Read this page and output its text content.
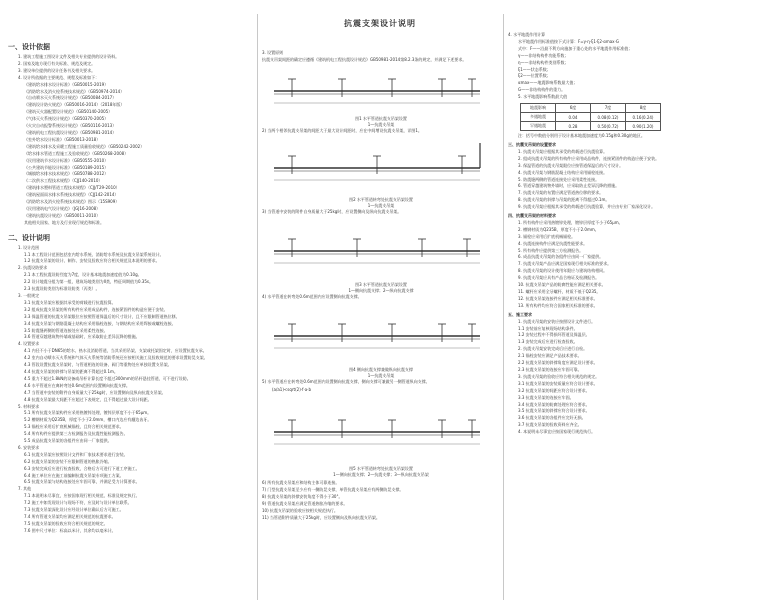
抗震支架设计说明
一、设计依据
1. 建筑工程施工图设计文件及相关专业提供的设计资料。
2. 国家及地方现行有关标准、规范及规定。
3. 建设单位提供的设计任务书及相关要求。
4. 设计所依据的主要规范、规程及标准如下：
《建筑给水排水设计标准》（GB50015-2019）
《消防给水及消火栓系统技术规范》（GB50974-2014）
《自动喷水灭火系统设计规范》（GB50084-2017）
《建筑设计防火规范》（GB50016-2014）（2018年版）
《建筑灭火器配置设计规范》（GB50140-2005）
《气体灭火系统设计规范》（GB50370-2005）
《火灾自动报警系统设计规范》（GB50116-2013）
《建筑机电工程抗震设计规范》（GB50981-2014）
《室外给水设计标准》（GB50013-2018）
《建筑给水排水及采暖工程施工质量验收规范》（GB50242-2002）
《给水排水管道工程施工及验收规范》（GB50268-2008）
《民用建筑节水设计标准》（GB50555-2010）
《公共建筑节能设计标准》（GB50189-2015）
《城镇给水排水技术规范》（GB50788-2012）
《二次供水工程技术规程》（CJJ140-2010）
《建筑排水塑料管道工程技术规程》（CJJ/T29-2010）
《建筑屋面雨水排水系统技术规程》（CJJ142-2014）
《消防给水及消火栓系统技术规范》图示（15S909）
《民用建筑电气设计规范》（JGJ16-2008）
《建筑抗震设计规范》（GB50011-2010）
其他相关国家、地方及行业现行规范和标准。
二、设计说明
1. 设计范围
1.1 本工程设计范围包括室内给水系统、消防给水系统及抗震支吊架系统设计。
1.2 抗震支吊架的设计、制作、安装及验收应符合相关规范及本说明的要求。
2. 抗震设防要求
2.1 本工程抗震设防烈度为7度，设计基本地震加速度值为0.10g。
2.2 设计地震分组为第一组，建筑场地类别为II类，特征周期值为0.35s。
2.3 抗震设防类别为标准设防类（丙类）。
3. 一般规定
3.1 抗震支吊架应根据其承受的荷载进行抗震验算。
3.2 组成抗震支吊架的所有构件应采用成品构件，连接紧固件的构造应便于安装。
3.3 保温管道的抗震支吊架限位应按照管道保温后的尺寸设计，且不应限制管道热位移。
3.4 抗震支吊架与钢筋混凝土结构应采用锚栓连接，与钢结构应采用焊接或螺栓连接。
3.5 防震缝两侧的管道连接处应采用柔性连接。
3.6 管道穿越建筑物外墙或基础时，应采取防止差异沉降的措施。
4. 设置要求
4.1 内径不小于DN65的给水、热水及消防管道，当其采用吊架、支架或托架固定时，应设置抗震支承。
4.2 室内自动喷水灭火系统和气体灭火系统等消防系统还应按相关施工及验收规范的要求设置防晃支架。
4.3 管段设置抗震支吊架时，与管道相连的设备、阀门等重物处应单独设置支吊架。
4.4 抗震支吊架的斜撑与吊架的距离不得超过0.1m。
4.5 重力不超过1.8kN的设备或吊杆计算长度不超过300mm的吊杆悬挂管道，可不进行设防。
4.6 水平管道应在离转弯处0.6m范围内设置侧向抗震支撑。
4.7 当管道中安装的附件自身质量大于25kg时，应设置侧向及纵向抗震支吊架。
4.8 抗震支吊架最大间距不应超过下表规定，且不得超过最大设计间距。
5. 材料要求
5.1 所有抗震支吊架构件应采用热镀锌处理，镀锌层厚度不小于65μm。
5.2 槽钢材质为Q235B，厚度不小于2.0mm，槽口内边应有翻边齿牙。
5.3 锚栓应采用后扩底机械锚栓，且符合相关规范要求。
5.4 所有构件应提供第三方检测报告及抗震性能检测报告。
5.5 成品抗震支吊架的各组件应由同一厂家提供。
6. 安装要求
6.1 抗震支吊架应按照设计文件和厂家技术要求进行安装。
6.2 抗震支吊架的安装不应限制管道的热胀冷缩。
6.3 安装完成后应进行检查验收，合格后方可进行下道工序施工。
6.4 施工单位应在施工前编制抗震支吊架专项施工方案。
6.5 抗震支吊架与结构连接处应牢固可靠，并满足受力计算要求。
7. 其他
7.1 本说明未尽事宜，应按国家现行相关规范、标准及规定执行。
7.2 施工中如发现设计与现场不符，应及时与设计单位联系。
7.3 抗震支吊架深化设计应经设计单位确认后方可施工。
7.4 所有管道支吊架均应满足相关规范的抗震要求。
7.5 抗震支吊架的验收应符合相关规范的规定。
7.6 图中尺寸单位：标高以米计，其余均以毫米计。
3. 设置原则
抗震支吊架间距的确定应遵循《建筑机电工程抗震设计规范》GB50981-2014第8.2.3条的规定，并满足下述要求。
图1 水平管道抗震支吊架设置
1—抗震支吊架
2) 当两个相邻抗震支吊架的间距大于最大设计间距时，应在中间增设抗震支吊架，详图1。
图2 水平管道转弯处抗震支吊架设置
1—抗震支吊架
3) 当管道中安装的附件自身质量大于25kg时，应设置侧向及纵向抗震支吊架。
图3 水平管道抗震支吊架设置
1—侧向抗震支撑；2—纵向抗震支撑
4) 水平管道在转弯处0.6m范围内应设置侧向抗震支撑。
图4 侧向抗震支撑兼做纵向抗震支撑
1—抗震支吊架
5) 水平管道应在转弯处0.6m范围内设置侧向抗震支撑，侧向支撑可兼做另一侧管道纵向支撑。
(a/a1)<sqrt(2)·f·a·b
图5 水平管道转弯处抗震支吊架设置
1—侧向抗震支撑；2—抗震支撑；3—纵向抗震支吊架
6) 所有抗震支吊架应和结构主体可靠连接。
7) 门型抗震支吊架至少应有一侧防晃支撑，单管抗震支吊架应有两侧防晃支撑。
8) 抗震支吊架的斜撑安装角度不得小于30°。
9) 管道抗震支吊架应满足管道热胀冷缩的要求。
10) 抗震支吊架的验收应按相关规范执行。
11) 当管道附件质量大于25kg时，应设置侧向及纵向抗震支吊架。
4. 水平地震作用计算
水平地震作用标准值按下式计算：F=γ·η·ξ1·ξ2·αmax·G
式中：F——沿最不利方向施加于重心处的水平地震作用标准值；
γ——非结构构件功能系数；
η——非结构构件类别系数；
ξ1——状态系数；
ξ2——位置系数；
αmax——地震影响系数最大值；
G——非结构构件的重力。
5. 水平地震影响系数最大值
地震影响	6度	7度	8度
多遇地震	0.04	0.08(0.12)	0.16(0.24)
罕遇地震	0.28	0.50(0.72)	0.90(1.20)
注：括号中数值分别用于设计基本地震加速度为0.15g和0.30g的地区。
三、抗震支吊架的设置要求
1. 抗震支吊架应根据其承受的荷载进行抗震验算。
2. 组成抗震支吊架的所有构件应采用成品构件，连接紧固件的构造应便于安装。
3. 保温管道的抗震支吊架限位应按管道保温后的尺寸设计。
4. 抗震支吊架与钢筋混凝土结构应采用锚栓连接。
5. 防震缝两侧的管道连接处应采用柔性连接。
6. 管道穿越建筑物外墙时，应采取防止差异沉降的措施。
7. 抗震支吊架的布置应满足管道热位移的要求。
8. 抗震支吊架的斜撑与吊架的距离不得超过0.1m。
9. 抗震支吊架应根据其承受的荷载进行抗震验算，并应由专业厂家深化设计。
四、抗震支吊架的材料要求
1. 所有构件应采用热镀锌处理，镀锌层厚度不小于65μm。
2. 槽钢材质为Q235B，厚度不小于2.0mm。
3. 锚栓应采用后扩底机械锚栓。
4. 抗震连接构件应满足抗震性能要求。
5. 所有构件应提供第三方检测报告。
6. 成品抗震支吊架的各组件应由同一厂家提供。
7. 抗震支吊架产品应满足国家现行相关标准的要求。
8. 抗震支吊架的设计使用年限应与建筑结构相同。
9. 抗震支吊架应具有产品合格证及检测报告。
10. 抗震支吊架产品的防腐性能应满足相关要求。
11. 螺杆应采用全牙螺杆，材质不低于Q235。
12. 抗震支吊架连接件应满足相关标准要求。
13. 所有构件均应符合国家相关标准的要求。
五、施工要求
1. 抗震支吊架的安装应按照设计文件进行。
1.1 安装前应复核现场结构条件。
1.2 安装过程中不得损坏管道及保温层。
1.3 安装完成后应进行检查验收。
2. 抗震支吊架安装完成后应进行自检。
2.1 锚栓安装应满足产品技术要求。
2.2 抗震支吊架的斜撑角度应满足设计要求。
2.3 抗震支吊架的连接应牢固可靠。
3. 抗震支吊架的验收应符合相关规范的规定。
3.1 抗震支吊架的安装质量应符合设计要求。
3.2 抗震支吊架的间距应符合设计要求。
3.3 抗震支吊架的连接应牢固。
3.4 抗震支吊架的防腐处理应符合要求。
3.5 抗震支吊架的斜撑应符合设计要求。
3.6 抗震支吊架的各组件应完好无损。
3.7 抗震支吊架的验收资料应齐全。
4. 本说明未尽事宜应按国家现行规范执行。
